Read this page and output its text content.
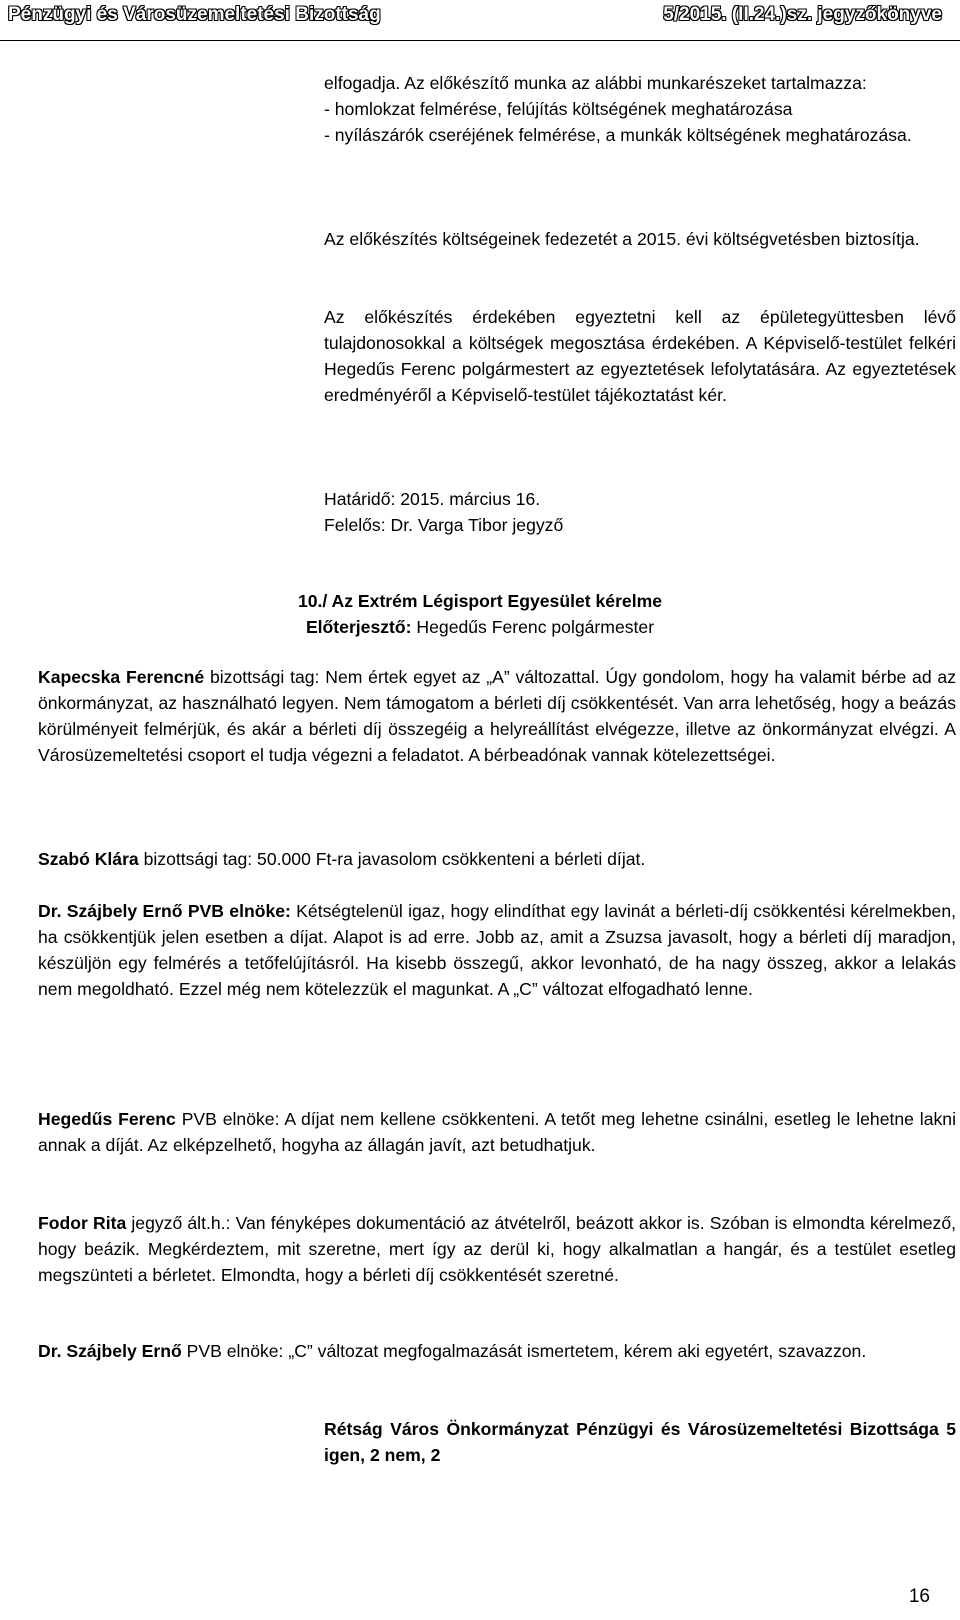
Pénzügyi és Városüzemeltetési Bizottság	5/2015. (II.24.)sz. jegyzőkönyve

elfogadja. Az előkészítő munka az alábbi munkarészeket tartalmazza:

- homlokzat felmérése, felújítás költségének meghatározása

- nyílászárók cseréjének felmérése, a munkák költségének meghatározása.

Az előkészítés költségeinek fedezetét a 2015. évi költségvetésben biztosítja.

Az előkészítés érdekében egyeztetni kell az épületegyüttesben lévő tulajdonosokkal a költségek megosztása érdekében. A Képviselő-testület felkéri Hegedűs Ferenc polgármestert az egyeztetések lefolytatására. Az egyeztetések eredményéről a Képviselő-testület tájékoztatást kér.

Határidő: 2015. március 16.

Felelős: Dr. Varga Tibor jegyző

10./ Az Extrém Légisport Egyesület kérelme
Előterjesztő: Hegedűs Ferenc polgármester

Kapecska Ferencné bizottsági tag: Nem értek egyet az „A” változattal. Úgy gondolom, hogy ha valamit bérbe ad az önkormányzat, az használható legyen. Nem támogatom a bérleti díj csökkentését. Van arra lehetőség, hogy a beázás körülményeit felmérjük, és akár a bérleti díj összegéig a helyreállítást elvégezze, illetve az önkormányzat elvégzi. A Városüzemeltetési csoport el tudja végezni a feladatot. A bérbeadónak vannak kötelezettségei.

Szabó Klára bizottsági tag: 50.000 Ft-ra javasolom csökkenteni a bérleti díjat.

Dr. Szájbely Ernő PVB elnöke: Kétségtelenül igaz, hogy elindíthat egy lavinát a bérleti-díj csökkentési kérelmekben, ha csökkentjük jelen esetben a díjat. Alapot is ad erre. Jobb az, amit a Zsuzsa javasolt, hogy a bérleti díj maradjon, készüljön egy felmérés a tetőfelújításról. Ha kisebb összegű, akkor levonható, de ha nagy összeg, akkor a lelakás nem megoldható. Ezzel még nem kötelezzük el magunkat. A „C” változat elfogadható lenne.

Hegedűs Ferenc PVB elnöke: A díjat nem kellene csökkenteni. A tetőt meg lehetne csinálni, esetleg le lehetne lakni annak a díját. Az elképzelhető, hogyha az állagán javít, azt betudhatjuk.

Fodor Rita jegyző ált.h.: Van fényképes dokumentáció az átvételről, beázott akkor is. Szóban is elmondta kérelmező, hogy beázik. Megkérdeztem, mit szeretne, mert így az derül ki, hogy alkalmatlan a hangár, és a testület esetleg megszünteti a bérletet. Elmondta, hogy a bérleti díj csökkentését szeretné.

Dr. Szájbely Ernő PVB elnöke: „C” változat megfogalmazását ismertetem, kérem aki egyetért, szavazzon.

Rétság Város Önkormányzat Pénzügyi és Városüzemeltetési Bizottsága 5 igen, 2 nem, 2

16
